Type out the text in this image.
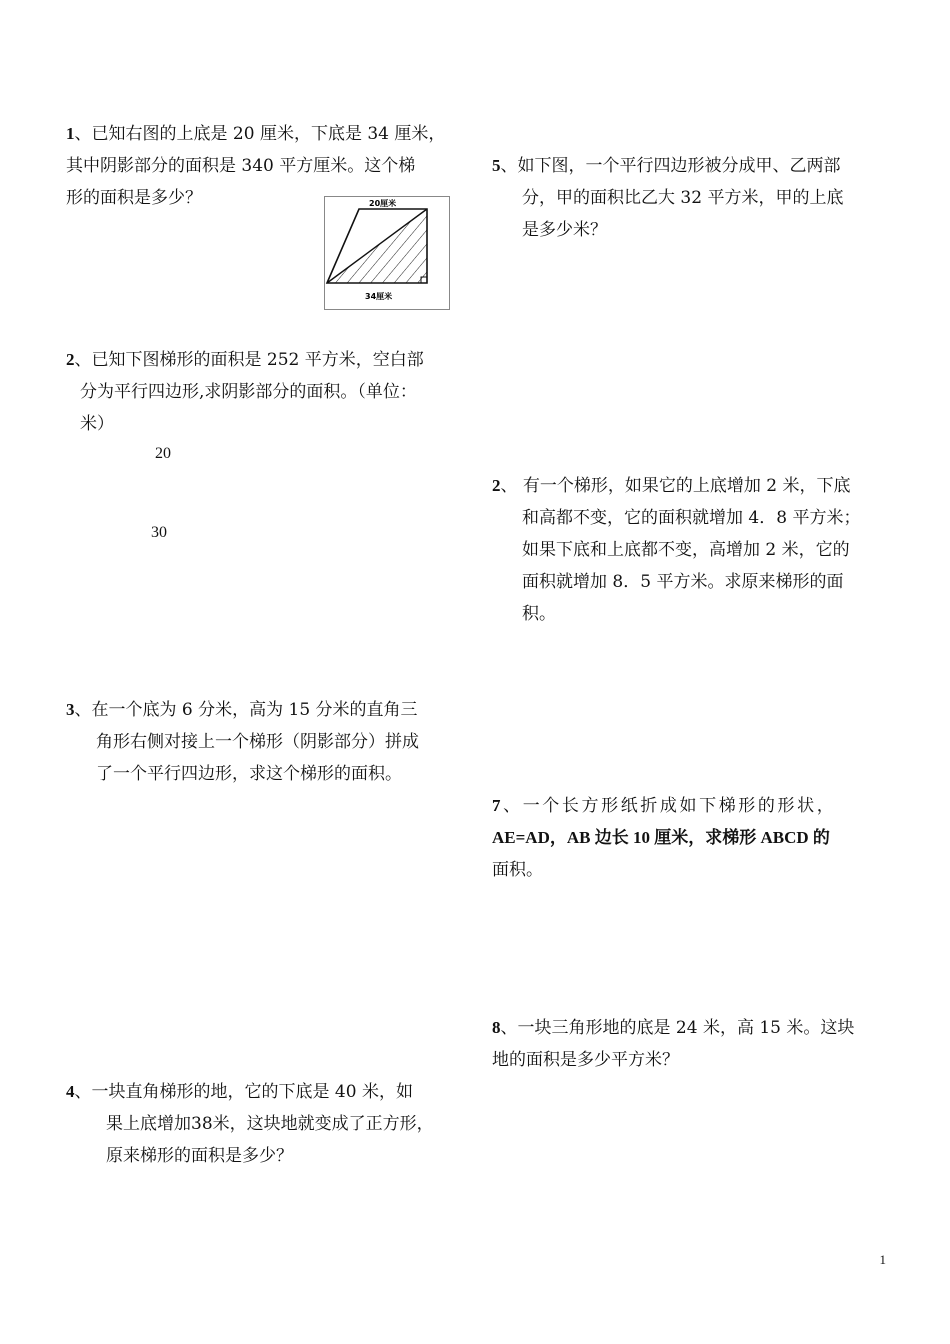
1、已知右图的上底是 20 厘米，下底是 34 厘米，
其中阴影部分的面积是 340 平方厘米。这个梯
形的面积是多少？	20厘米
34厘米
2、已知下图梯形的面积是 252 平方米，空白部
分为平行四边形,求阴影部分的面积。（单位：
米）
20
30
3、在一个底为 6 分米，高为 15 分米的直角三
角形右侧对接上一个梯形（阴影部分）拼成
了一个平行四边形，求这个梯形的面积。
4、一块直角梯形的地，它的下底是 40 米，如
果上底增加38米，这块地就变成了正方形，
原来梯形的面积是多少？
5、如下图，一个平行四边形被分成甲、乙两部
分，甲的面积比乙大 32 平方米，甲的上底
是多少米？
2、 有一个梯形，如果它的上底增加 2 米，下底
和高都不变，它的面积就增加 4．8 平方米；
如果下底和上底都不变，高增加 2 米，它的
面积就增加 8．5 平方米。求原来梯形的面
积。
7、一个长方形纸折成如下梯形的形状，
AE=AD，AB 边长 10 厘米，求梯形 ABCD 的
面积。
8、一块三角形地的底是 24 米，高 15 米。这块
地的面积是多少平方米？
1
